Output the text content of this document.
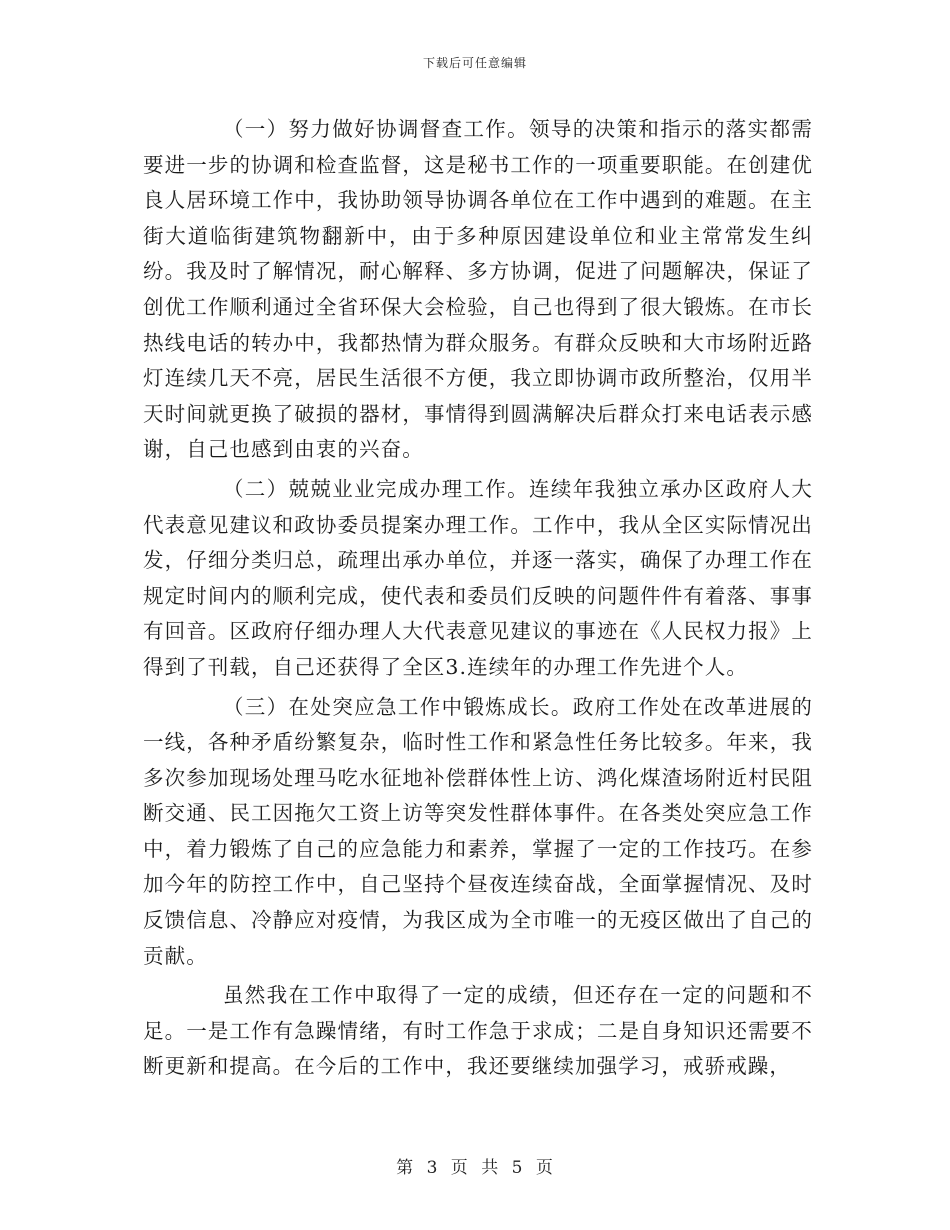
下载后可任意编辑

（一）努力做好协调督查工作。领导的决策和指示的落实都需要进一步的协调和检查监督，这是秘书工作的一项重要职能。在创建优良人居环境工作中，我协助领导协调各单位在工作中遇到的难题。在主街大道临街建筑物翻新中，由于多种原因建设单位和业主常常发生纠纷。我及时了解情况，耐心解释、多方协调，促进了问题解决，保证了创优工作顺利通过全省环保大会检验，自己也得到了很大锻炼。在市长热线电话的转办中，我都热情为群众服务。有群众反映和大市场附近路灯连续几天不亮，居民生活很不方便，我立即协调市政所整治，仅用半天时间就更换了破损的器材，事情得到圆满解决后群众打来电话表示感谢，自己也感到由衷的兴奋。

（二）兢兢业业完成办理工作。连续年我独立承办区政府人大代表意见建议和政协委员提案办理工作。工作中，我从全区实际情况出发，仔细分类归总，疏理出承办单位，并逐一落实，确保了办理工作在规定时间内的顺利完成，使代表和委员们反映的问题件件有着落、事事有回音。区政府仔细办理人大代表意见建议的事迹在《人民权力报》上得到了刊载，自己还获得了全区3.连续年的办理工作先进个人。

（三）在处突应急工作中锻炼成长。政府工作处在改革进展的一线，各种矛盾纷繁复杂，临时性工作和紧急性任务比较多。年来，我多次参加现场处理马吃水征地补偿群体性上访、鸿化煤渣场附近村民阻断交通、民工因拖欠工资上访等突发性群体事件。在各类处突应急工作中，着力锻炼了自己的应急能力和素养，掌握了一定的工作技巧。在参加今年的防控工作中，自己坚持个昼夜连续奋战，全面掌握情况、及时反馈信息、冷静应对疫情，为我区成为全市唯一的无疫区做出了自己的贡献。

虽然我在工作中取得了一定的成绩，但还存在一定的问题和不足。一是工作有急躁情绪，有时工作急于求成；二是自身知识还需要不断更新和提高。在今后的工作中，我还要继续加强学习，戒骄戒躁，

第 3 页 共 5 页
